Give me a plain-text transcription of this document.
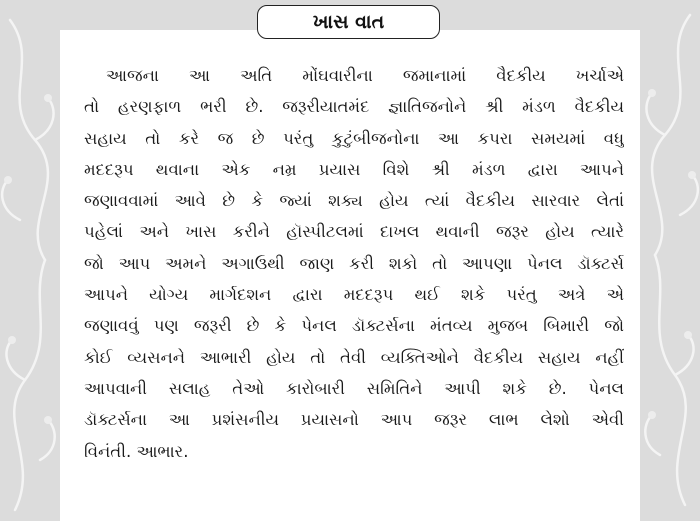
ખાસ વાત
આજના આ અતિ મોંઘવારીના જમાનામાં વૈદકીય ખર્ચાએ
તો હરણફાળ ભરી છે. જરૂરીયાતમંદ જ્ઞાતિજનોને શ્રી મંડળ વૈદકીય
સહાય તો કરે જ છે પરંતુ કુટુંબીજનોના આ કપરા સમયમાં વધુ
મદદરૂપ થવાના એક નમ્ર પ્રયાસ વિશે શ્રી મંડળ દ્વારા આપને
જણાવવામાં આવે છે કે જ્યાં શક્ય હોય ત્યાં વૈદકીય સારવાર લેતાં
પહેલાં અને ખાસ કરીને હૉસ્પીટલમાં દાખલ થવાની જરૂર હોય ત્યારે
જો આપ અમને અગાઉથી જાણ કરી શકો તો આપણા પેનલ ડૉક્ટર્સ
આપને યોગ્ય માર્ગદશન દ્વારા મદદરૂપ થઈ શકે પરંતુ અત્રે એ
જણાવવું પણ જરૂરી છે કે પેનલ ડૉક્ટર્સના મંતવ્ય મુજબ બિમારી જો
કોઈ વ્યસનને આભારી હોય તો તેવી વ્યક્તિઓને વૈદકીય સહાય નહીં
આપવાની સલાહ તેઓ કારોબારી સમિતિને આપી શકે છે. પેનલ
ડૉક્ટર્સના આ પ્રશંસનીય પ્રયાસનો આપ જરૂર લાભ લેશો એવી
વિનંતી. આભાર.
